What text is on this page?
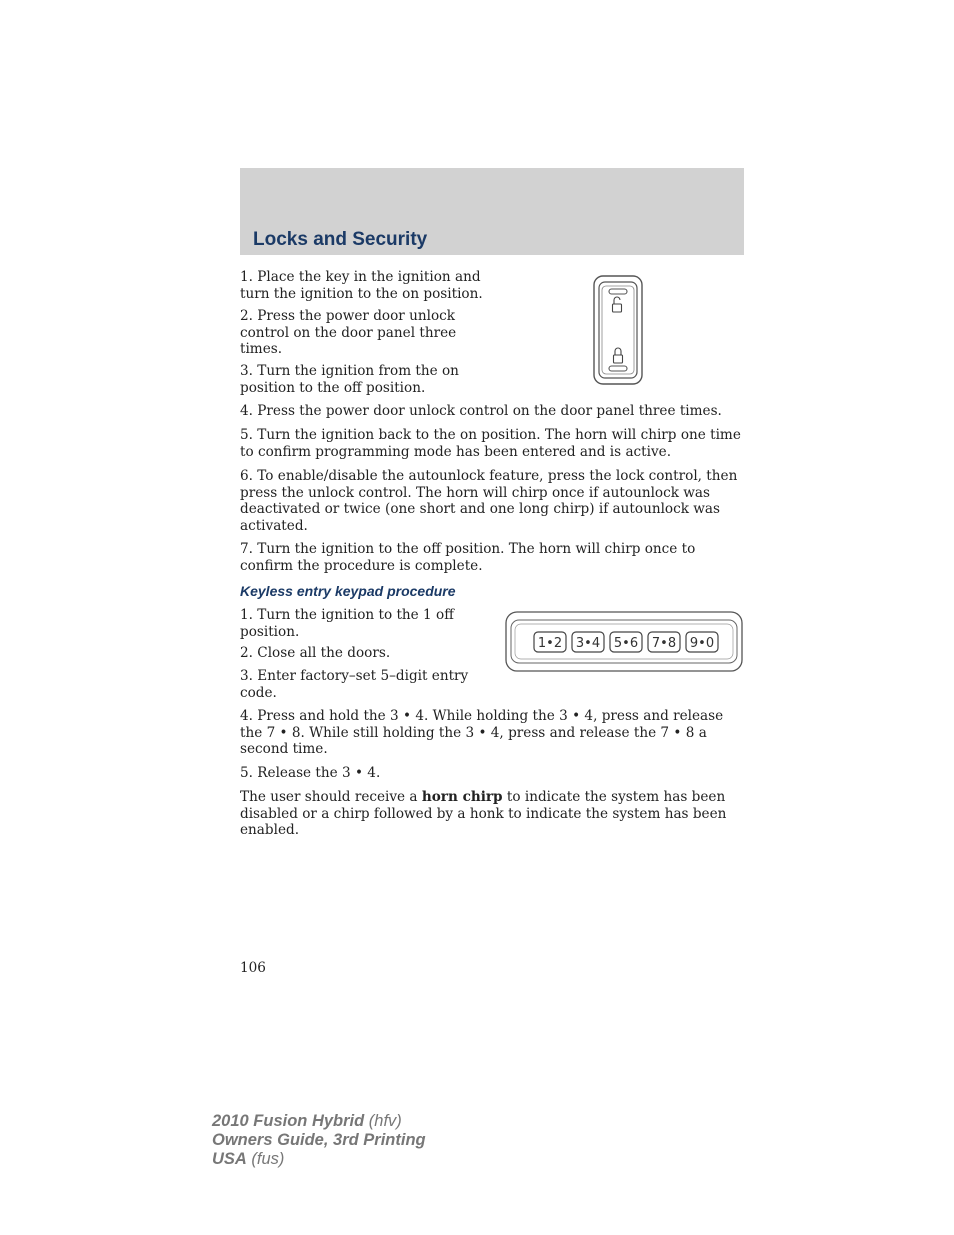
Locks and Security

1. Place the key in the ignition and turn the ignition to the on position.

2. Press the power door unlock control on the door panel three times.

3. Turn the ignition from the on position to the off position.

4. Press the power door unlock control on the door panel three times.

5. Turn the ignition back to the on position. The horn will chirp one time to confirm programming mode has been entered and is active.

6. To enable/disable the autounlock feature, press the lock control, then press the unlock control. The horn will chirp once if autounlock was deactivated or twice (one short and one long chirp) if autounlock was activated.

7. Turn the ignition to the off position. The horn will chirp once to confirm the procedure is complete.

Keyless entry keypad procedure

1. Turn the ignition to the 1 off position.

2. Close all the doors.

3. Enter factory–set 5–digit entry code.

1•2 3•4 5•6 7•8 9•0

4. Press and hold the 3 • 4. While holding the 3 • 4, press and release the 7 • 8. While still holding the 3 • 4, press and release the 7 • 8 a second time.

5. Release the 3 • 4.

The user should receive a horn chirp to indicate the system has been disabled or a chirp followed by a honk to indicate the system has been enabled.

106

2010 Fusion Hybrid (hfv)
Owners Guide, 3rd Printing
USA (fus)
